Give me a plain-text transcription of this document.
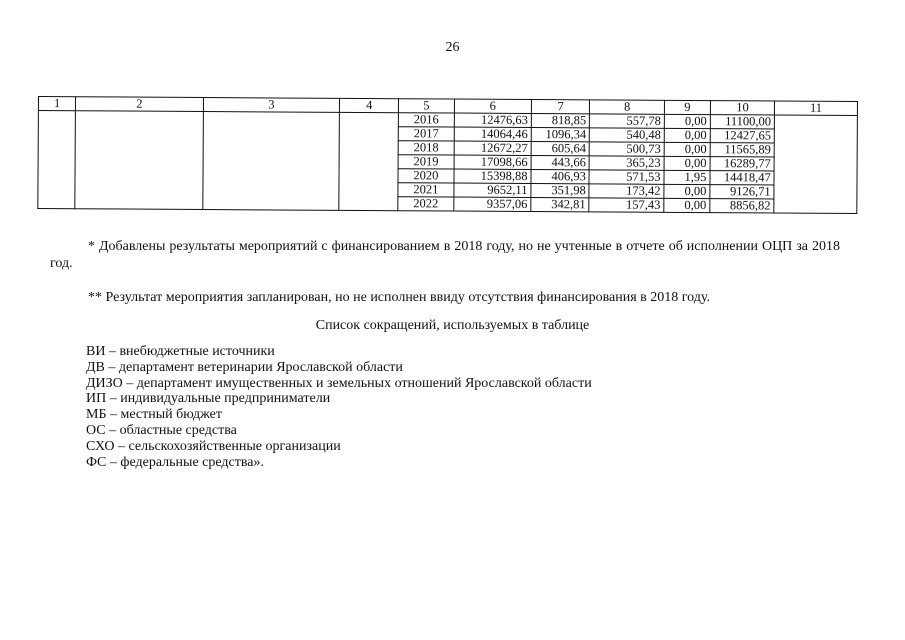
26
1	2	3	4	5	6	7	8	9	10	11
				2016	12476,63	818,85	557,78	0,00	11100,00	
				2017	14064,46	1096,34	540,48	0,00	12427,65	
				2018	12672,27	605,64	500,73	0,00	11565,89	
				2019	17098,66	443,66	365,23	0,00	16289,77	
				2020	15398,88	406,93	571,53	1,95	14418,47	
				2021	9652,11	351,98	173,42	0,00	9126,71	
				2022	9357,06	342,81	157,43	0,00	8856,82	
* Добавлены результаты мероприятий с финансированием в 2018 году, но не учтенные в отчете об исполнении ОЦП за 2018 год.
** Результат мероприятия запланирован, но не исполнен ввиду отсутствия финансирования в 2018 году.
Список сокращений, используемых в таблице
ВИ – внебюджетные источники
ДВ – департамент ветеринарии Ярославской области
ДИЗО – департамент имущественных и земельных отношений Ярославской области
ИП – индивидуальные предприниматели
МБ – местный бюджет
ОС – областные средства
СХО – сельскохозяйственные организации
ФС – федеральные средства».
